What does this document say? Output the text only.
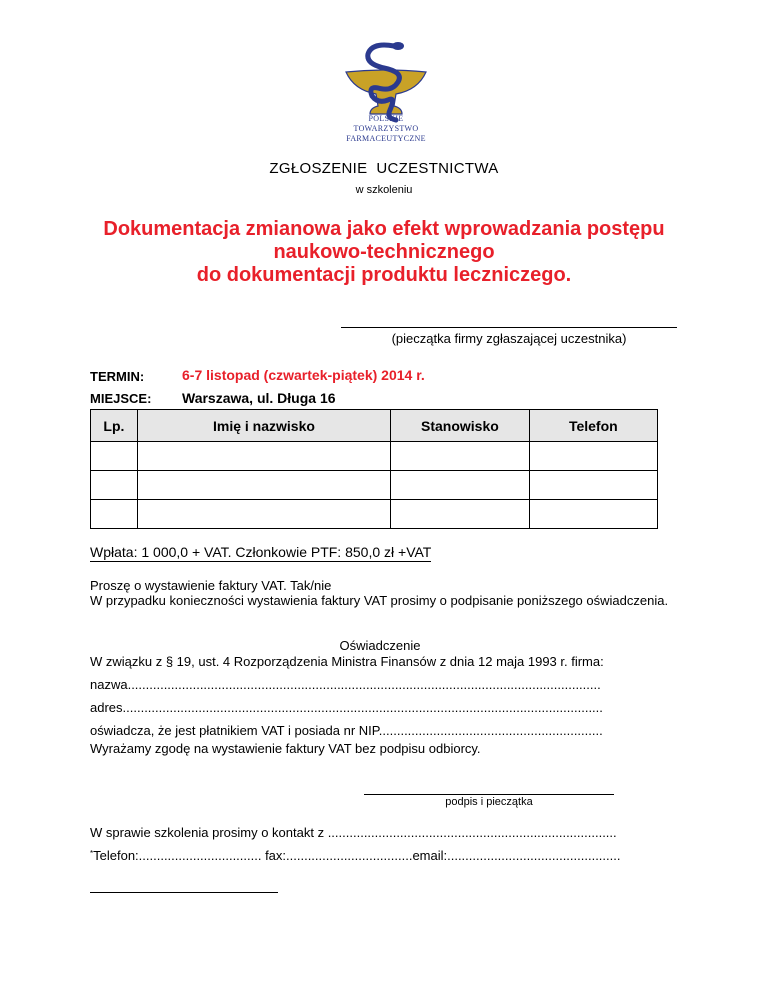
POLSKIE
TOWARZYSTWO
FARMACEUTYCZNE
ZGŁOSZENIE  UCZESTNICTWA
w szkoleniu
Dokumentacja zmianowa jako efekt wprowadzania postępu
naukowo-technicznego
do dokumentacji produktu leczniczego.
(pieczątka firmy zgłaszającej uczestnika)
TERMIN:	6-7 listopad (czwartek-piątek) 2014 r.
MIEJSCE: Warszawa, ul. Długa 16
Lp.	Imię i nazwisko	Stanowisko	Telefon

Wpłata: 1 000,0 + VAT. Członkowie PTF: 850,0 zł +VAT
Proszę o wystawienie faktury VAT. Tak/nie
W przypadku konieczności wystawienia faktury VAT prosimy o podpisanie poniższego oświadczenia.
Oświadczenie
W związku z § 19, ust. 4 Rozporządzenia Ministra Finansów z dnia 12 maja 1993 r. firma:
nazwa...................................................................................................................................
adres.....................................................................................................................................
oświadcza, że jest płatnikiem VAT i posiada nr NIP..............................................................
Wyrażamy zgodę na wystawienie faktury VAT bez podpisu odbiorcy.
podpis i pieczątka
W sprawie szkolenia prosimy o kontakt z ................................................................................
*Telefon:.................................. fax:...................................email:................................................
